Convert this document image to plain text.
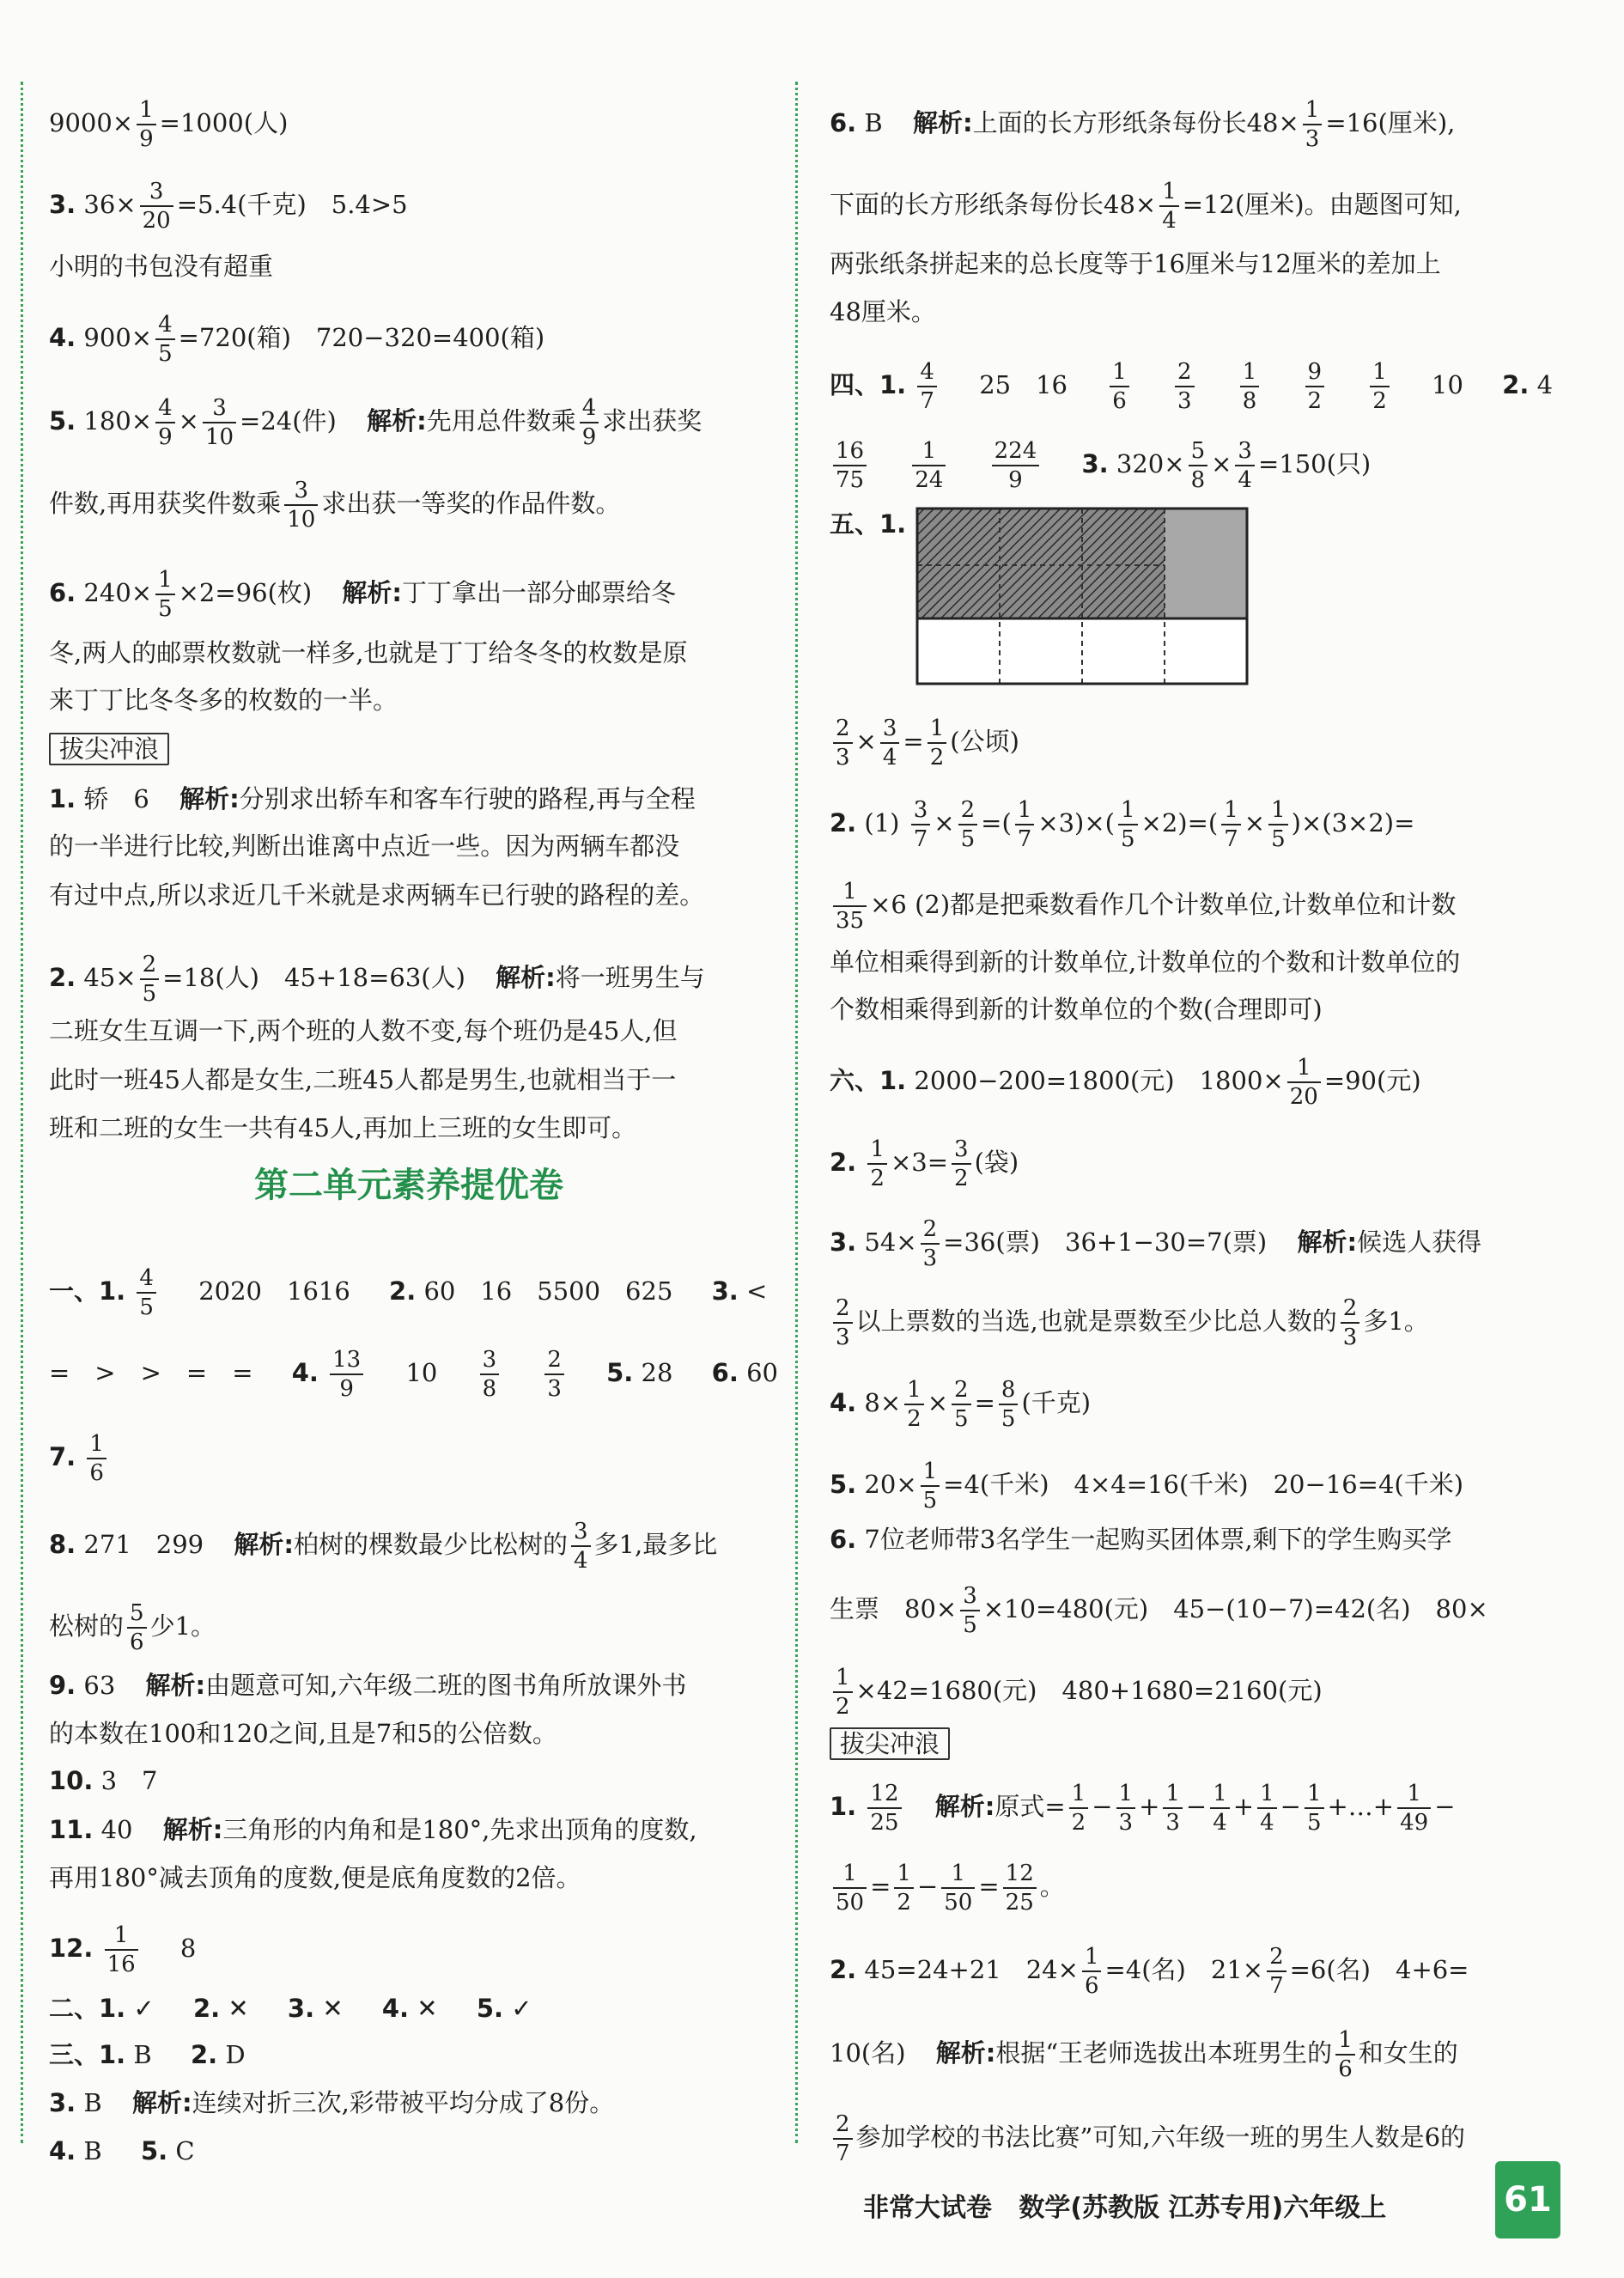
$9000\times \frac{1}{9} =1000$(人)
3. $36\times \frac{3}{20} =5.4$(千克)　5.4>5
小明的书包没有超重
4. $900\times \frac{4}{5} =720$(箱)　720−320=400(箱)
5. $180\times \frac{4}{9} \times \frac{3}{10} =24$(件) 解析:先用总件数乘 $\frac{4}{9}$ 求出获奖
件数,再用获奖件数乘 $\frac{3}{10}$ 求出获一等奖的作品件数。
6. $240\times \frac{1}{5} \times 2=96$(枚) 解析:丁丁拿出一部分邮票给冬
冬,两人的邮票枚数就一样多,也就是丁丁给冬冬的枚数是原
来丁丁比冬冬多的枚数的一半。
拔尖冲浪
1. 轿　6 解析:分别求出轿车和客车行驶的路程,再与全程
的一半进行比较,判断出谁离中点近一些。因为两辆车都没
有过中点,所以求近几千米就是求两辆车已行驶的路程的差。
2. $45\times \frac{2}{5} =18$(人)　45+18=63(人) 解析:将一班男生与
二班女生互调一下,两个班的人数不变,每个班仍是45人,但
此时一班45人都是女生,二班45人都是男生,也就相当于一
班和二班的女生一共有45人,再加上三班的女生即可。
第二单元素养提优卷
一、1. $\frac{4}{5} 2020$　1616 2. 60　16　5500　625 3. <
=　>　>　=　= 4. $\frac{13}{9} 10 \frac{3}{8}$
$\frac{2}{3} 5$. 28 6. 60
7. $\frac{1}{6}$
8. 271　299 解析:柏树的棵数最少比松树的 $\frac{3}{4}$ 多1,最多比
松树的 $\frac{5}{6}$ 少1。
9. 63 解析:由题意可知,六年级二班的图书角所放课外书
的本数在100和120之间,且是7和5的公倍数。
10. 3　7
11. 40 解析:三角形的内角和是180°,先求出顶角的度数,
再用180°减去顶角的度数,便是底角度数的2倍。
12. $\frac{1}{16} 8$
二、1. ✓ 2. ✕ 3. ✕ 4. ✕ 5. ✓
三、1. B 2. D
3. B 解析:连续对折三次,彩带被平均分成了8份。
4. B 5. C
6. B 解析:上面的长方形纸条每份长$48\times \frac{1}{3} =16$(厘米),
下面的长方形纸条每份长$48\times \frac{1}{4} =12$(厘米)。由题图可知,
两张纸条拼起来的总长度等于16厘米与12厘米的差加上
48厘米。
四、1. $\frac{4}{7} 25$　$16 \frac{1}{6}$
$\frac{2}{3}$
$\frac{1}{8}$
$\frac{9}{2}$
$\frac{1}{2} 10$ 2. 4
$\frac{16}{75}$
$\frac{1}{24}$
$\frac{224}{9} 3$. $320\times \frac{5}{8} \times \frac{3}{4} =150$(只)
五、1.
$\frac{2}{3} \times \frac{3}{4} = \frac{1}{2}$ (公顷)
2. $(1) \frac{3}{7} \times \frac{2}{5}$ =( $\frac{1}{7} \times 3)\times( \frac{1}{5} \times 2)=( \frac{1}{7} \times \frac{1}{5} )\times(3\times 2)=$
$\frac{1}{35} \times 6$ (2)都是把乘数看作几个计数单位,计数单位和计数
单位相乘得到新的计数单位,计数单位的个数和计数单位的
个数相乘得到新的计数单位的个数(合理即可)
六、1. 2000−200=1800(元)　$1800\times \frac{1}{20} =90$(元)
2. $\frac{1}{2} \times 3= \frac{3}{2}$ (袋)
3. $54\times \frac{2}{3} =36$(票)　36+1−30=7(票) 解析:候选人获得
$\frac{2}{3}$ 以上票数的当选,也就是票数至少比总人数的 $\frac{2}{3}$ 多1。
4. $8\times \frac{1}{2} \times \frac{2}{5} = \frac{8}{5}$ (千克)
5. $20\times \frac{1}{5} =4$(千米)　4×4=16(千米)　20−16=4(千米)
6. 7位老师带3名学生一起购买团体票,剩下的学生购买学
生票　$80\times \frac{3}{5} \times 10=480$(元)　45−(10−7)=42(名)　80×
$\frac{1}{2} \times 42=1680$(元)　480+1680=2160(元)
拔尖冲浪
1. $\frac{12}{25}$ 解析:原式= $\frac{1}{2} - \frac{1}{3} + \frac{1}{3} - \frac{1}{4} + \frac{1}{4} - \frac{1}{5}$ +…+ $\frac{1}{49}$ −
$\frac{1}{50} = \frac{1}{2} - \frac{1}{50} = \frac{12}{25}$ 。
2. 45=24+21　$24\times \frac{1}{6} =4$(名)　$21\times \frac{2}{7} =6$(名)　4+6=
10(名) 解析:根据“王老师选拔出本班男生的 $\frac{1}{6}$ 和女生的
$\frac{2}{7}$ 参加学校的书法比赛”可知,六年级一班的男生人数是6的
非常大试卷 数学(苏教版 江苏专用)六年级上	61
